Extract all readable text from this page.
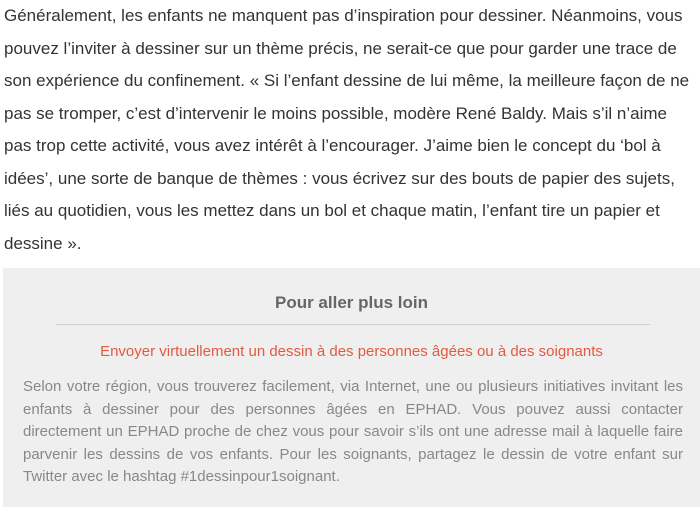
Généralement, les enfants ne manquent pas d’inspiration pour dessiner. Néanmoins, vous pouvez l’inviter à dessiner sur un thème précis, ne serait-ce que pour garder une trace de son expérience du confinement. « Si l’enfant dessine de lui même, la meilleure façon de ne pas se tromper, c’est d’intervenir le moins possible, modère René Baldy. Mais s’il n’aime pas trop cette activité, vous avez intérêt à l’encourager. J’aime bien le concept du ‘bol à idées’, une sorte de banque de thèmes : vous écrivez sur des bouts de papier des sujets, liés au quotidien, vous les mettez dans un bol et chaque matin, l’enfant tire un papier et dessine ».

Pour aller plus loin
Envoyer virtuellement un dessin à des personnes âgées ou à des soignants

Selon votre région, vous trouverez facilement, via Internet, une ou plusieurs initiatives invitant les enfants à dessiner pour des personnes âgées en EPHAD. Vous pouvez aussi contacter directement un EPHAD proche de chez vous pour savoir s’ils ont une adresse mail à laquelle faire parvenir les dessins de vos enfants. Pour les soignants, partagez le dessin de votre enfant sur Twitter avec le hashtag #1dessinpour1soignant.
